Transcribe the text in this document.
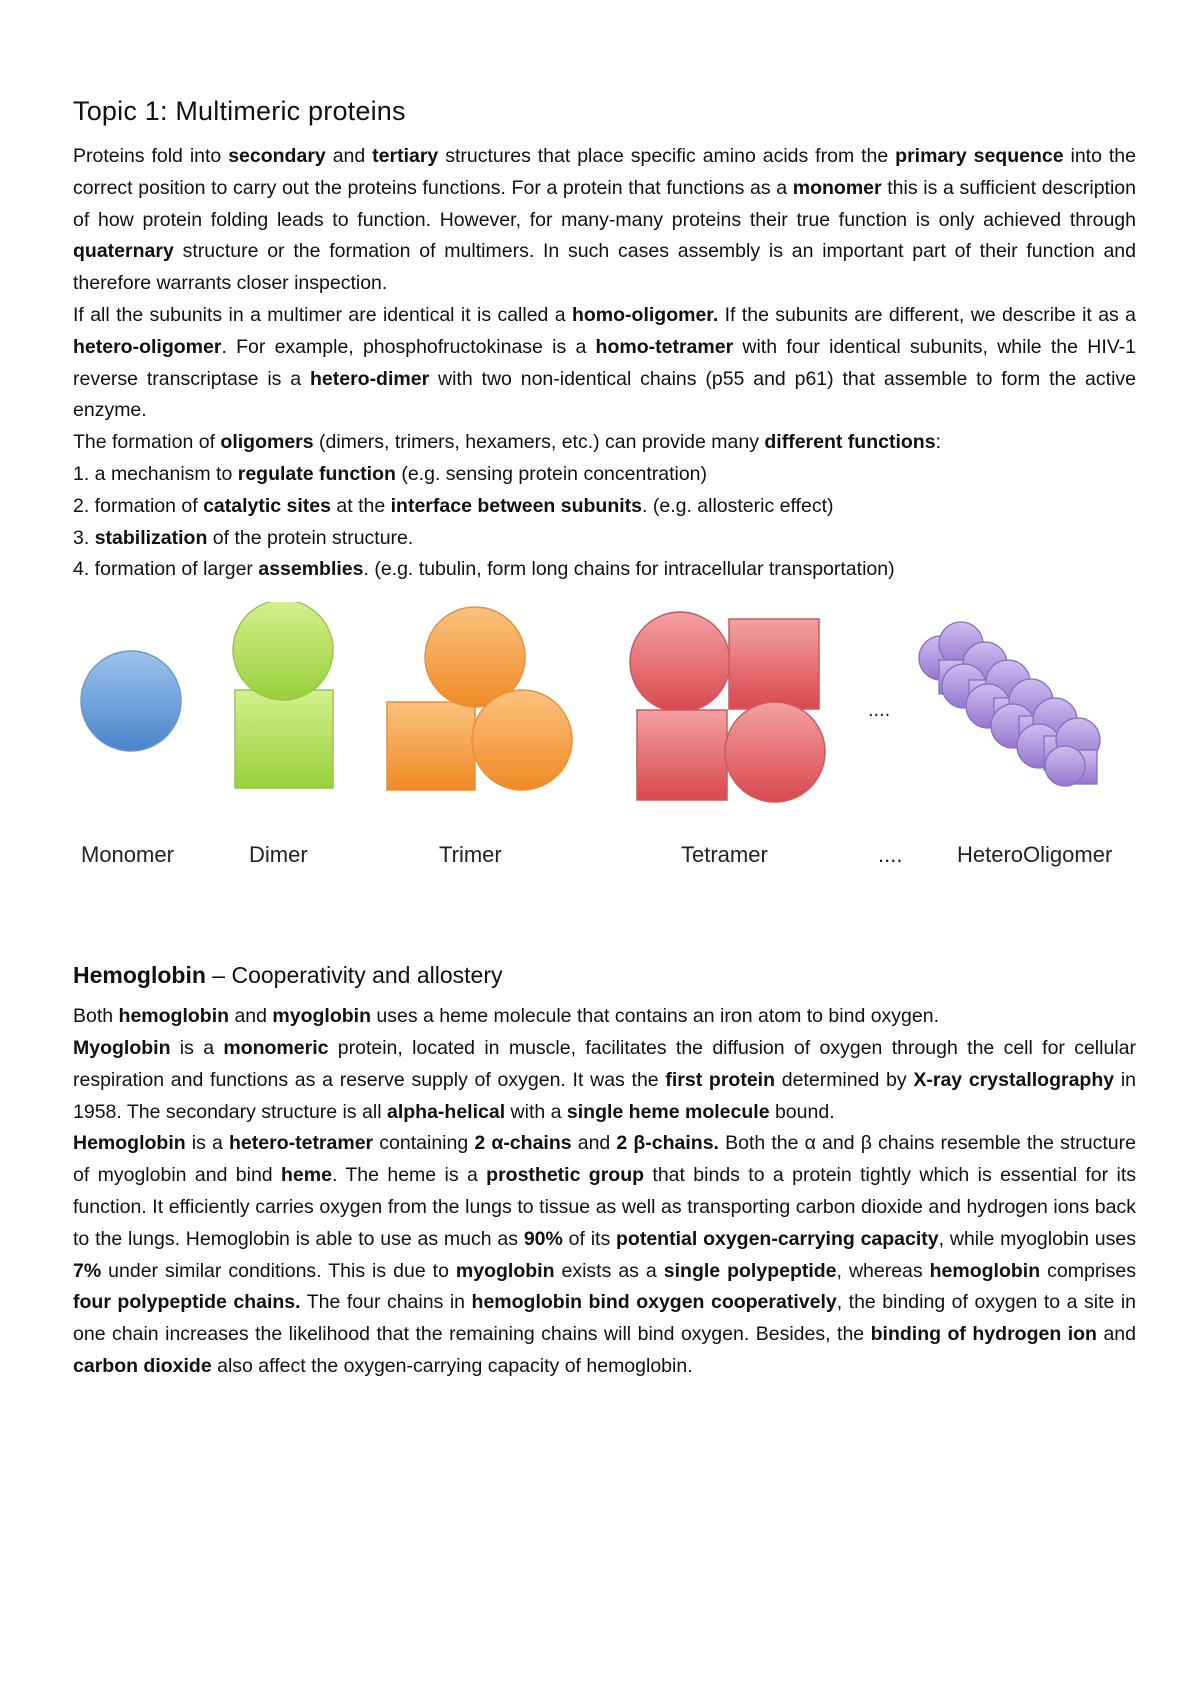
Topic 1: Multimeric proteins

Proteins fold into secondary and tertiary structures that place specific amino acids from the primary sequence into the correct position to carry out the proteins functions. For a protein that functions as a monomer this is a sufficient description of how protein folding leads to function. However, for many-many proteins their true function is only achieved through quaternary structure or the formation of multimers. In such cases assembly is an important part of their function and therefore warrants closer inspection.

If all the subunits in a multimer are identical it is called a homo-oligomer. If the subunits are different, we describe it as a hetero-oligomer. For example, phosphofructokinase is a homo-tetramer with four identical subunits, while the HIV-1 reverse transcriptase is a hetero-dimer with two non-identical chains (p55 and p61) that assemble to form the active enzyme.

The formation of oligomers (dimers, trimers, hexamers, etc.) can provide many different functions:

1. a mechanism to regulate function (e.g. sensing protein concentration)

2. formation of catalytic sites at the interface between subunits. (e.g. allosteric effect)

3. stabilization of the protein structure.

4. formation of larger assemblies. (e.g. tubulin, form long chains for intracellular transportation)

....
Monomer	Dimer	Trimer	Tetramer	.... HeteroOligomer
Hemoglobin – Cooperativity and allostery

Both hemoglobin and myoglobin uses a heme molecule that contains an iron atom to bind oxygen.

Myoglobin is a monomeric protein, located in muscle, facilitates the diffusion of oxygen through the cell for cellular respiration and functions as a reserve supply of oxygen. It was the first protein determined by X-ray crystallography in 1958. The secondary structure is all alpha-helical with a single heme molecule bound.

Hemoglobin is a hetero-tetramer containing 2 α-chains and 2 β-chains. Both the α and β chains resemble the structure of myoglobin and bind heme. The heme is a prosthetic group that binds to a protein tightly which is essential for its function. It efficiently carries oxygen from the lungs to tissue as well as transporting carbon dioxide and hydrogen ions back to the lungs. Hemoglobin is able to use as much as 90% of its potential oxygen-carrying capacity, while myoglobin uses 7% under similar conditions. This is due to myoglobin exists as a single polypeptide, whereas hemoglobin comprises four polypeptide chains. The four chains in hemoglobin bind oxygen cooperatively, the binding of oxygen to a site in one chain increases the likelihood that the remaining chains will bind oxygen. Besides, the binding of hydrogen ion and carbon dioxide also affect the oxygen-carrying capacity of hemoglobin.
